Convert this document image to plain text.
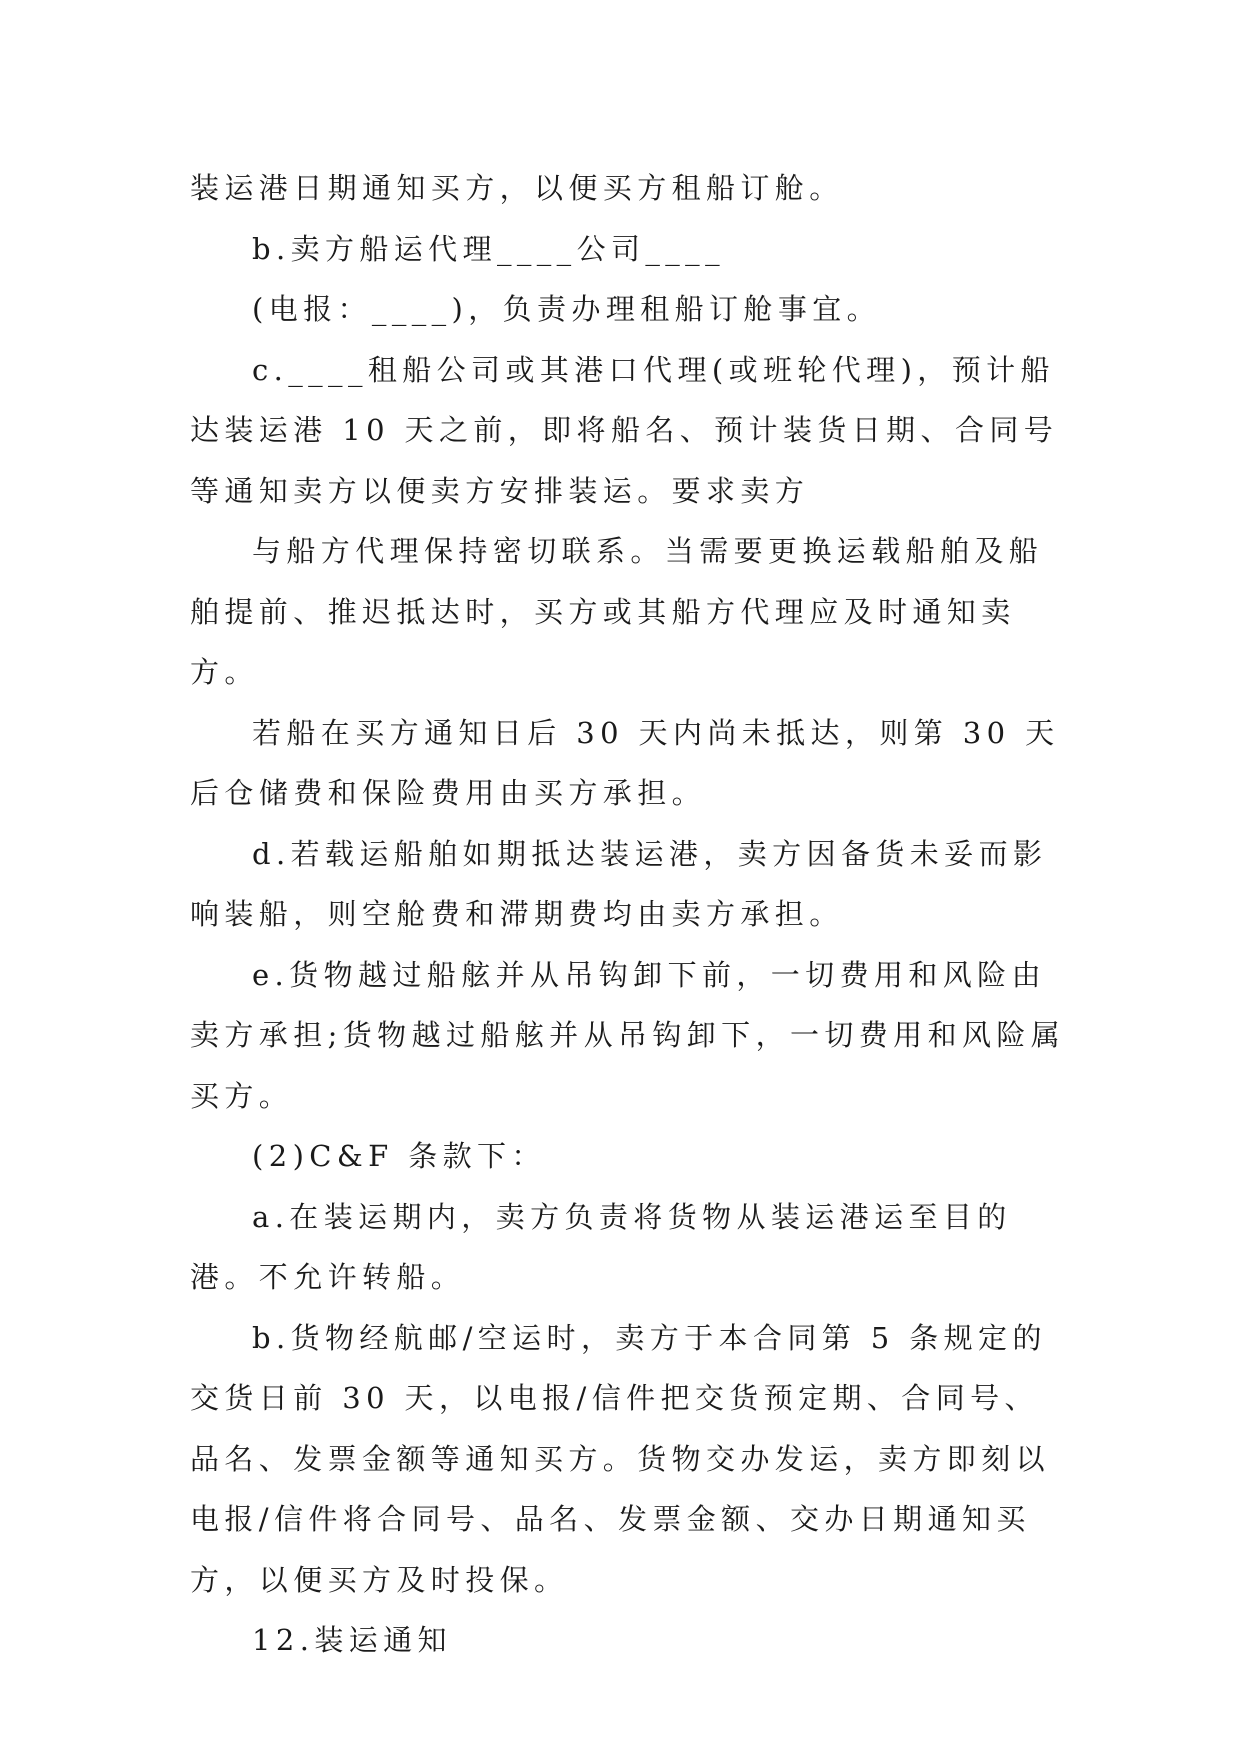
装运港日期通知买方，以便买方租船订舱。

b.卖方船运代理____公司____

(电报：____)，负责办理租船订舱事宜。

c.____租船公司或其港口代理(或班轮代理)，预计船达装运港 10 天之前，即将船名、预计装货日期、合同号等通知卖方以便卖方安排装运。要求卖方

与船方代理保持密切联系。当需要更换运载船舶及船舶提前、推迟抵达时，买方或其船方代理应及时通知卖方。

若船在买方通知日后 30 天内尚未抵达，则第 30 天后仓储费和保险费用由买方承担。

d.若载运船舶如期抵达装运港，卖方因备货未妥而影响装船，则空舱费和滞期费均由卖方承担。

e.货物越过船舷并从吊钩卸下前，一切费用和风险由卖方承担;货物越过船舷并从吊钩卸下，一切费用和风险属买方。

(2)C&F 条款下：

a.在装运期内，卖方负责将货物从装运港运至目的港。不允许转船。

b.货物经航邮/空运时，卖方于本合同第 5 条规定的交货日前 30 天，以电报/信件把交货预定期、合同号、品名、发票金额等通知买方。货物交办发运，卖方即刻以电报/信件将合同号、品名、发票金额、交办日期通知买方，以便买方及时投保。

12.装运通知
